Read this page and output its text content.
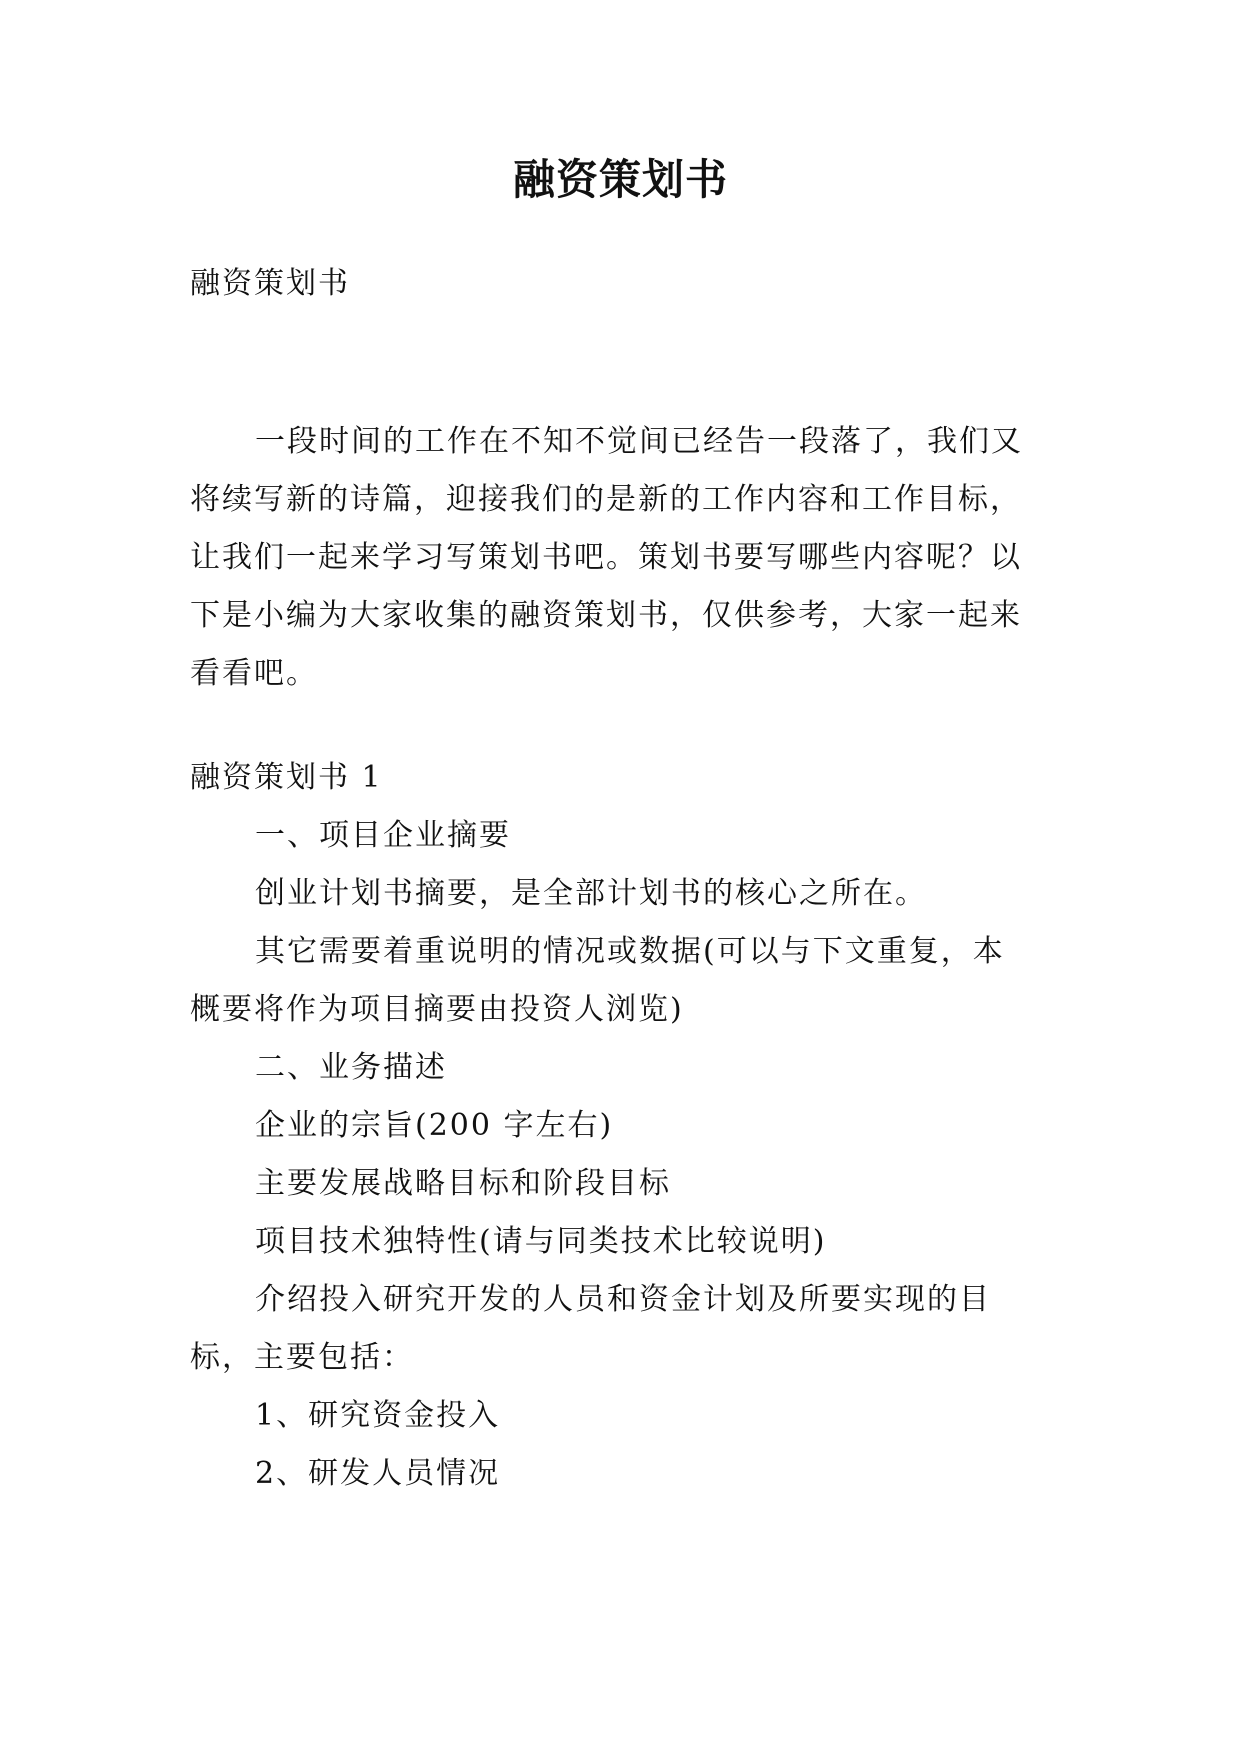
融资策划书
融资策划书
一段时间的工作在不知不觉间已经告一段落了，我们又
将续写新的诗篇，迎接我们的是新的工作内容和工作目标，
让我们一起来学习写策划书吧。策划书要写哪些内容呢？以
下是小编为大家收集的融资策划书，仅供参考，大家一起来
看看吧。
融资策划书 1
一、项目企业摘要
创业计划书摘要，是全部计划书的核心之所在。
其它需要着重说明的情况或数据(可以与下文重复，本
概要将作为项目摘要由投资人浏览)
二、业务描述
企业的宗旨(200 字左右)
主要发展战略目标和阶段目标
项目技术独特性(请与同类技术比较说明)
介绍投入研究开发的人员和资金计划及所要实现的目
标，主要包括：
1、研究资金投入
2、研发人员情况
